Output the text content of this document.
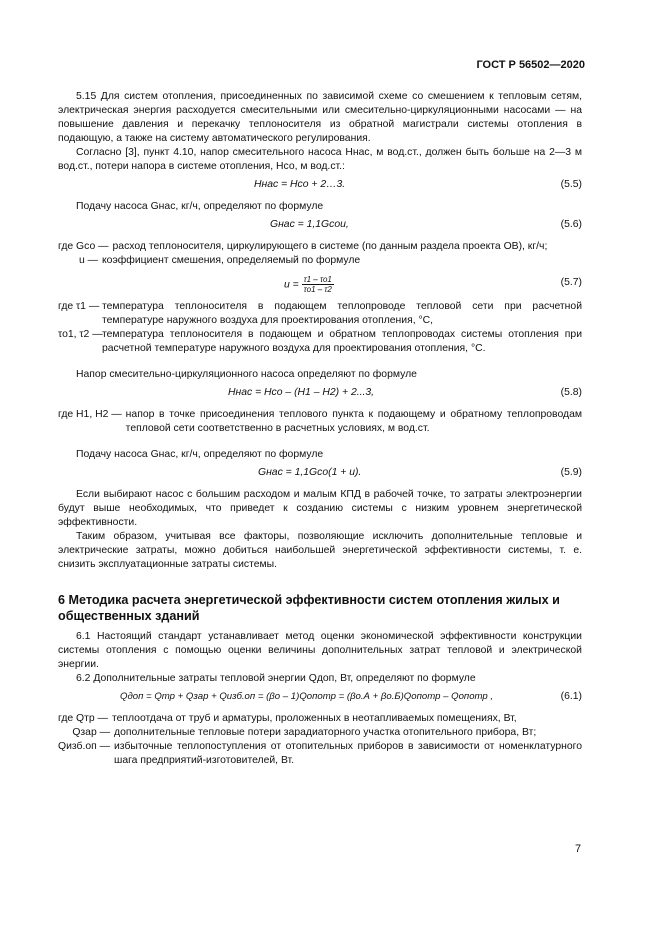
ГОСТ Р 56502—2020

5.15 Для систем отопления, присоединенных по зависимой схеме со смешением к тепловым сетям, электрическая энергия расходуется смесительными или смесительно-циркуляционными насосами — на повышение давления и перекачку теплоносителя из обратной магистрали системы отопления в подающую, а также на систему автоматического регулирования.

Согласно [3], пункт 4.10, напор смесительного насоса Hнас, м вод.ст., должен быть больше на 2—3 м вод.ст., потери напора в системе отопления, Hсо, м вод.ст.:

Hнас = Hсо + 2…3.	(5.5)

Подачу насоса Gнас, кг/ч, определяют по формуле

Gнас = 1,1Gсоu,	(5.6)
где Gсо — расход теплоносителя, циркулирующего в системе (по данным раздела проекта ОВ), кг/ч;
u — коэффициент смешения, определяемый по формуле
$u = \frac{\tau 1 - \tau о1}{\tau о1 - \tau 2}$	(5.7)
где τ1 — температура теплоносителя в подающем теплопроводе тепловой сети при расчетной температуре наружного воздуха для проектирования отопления, °С,
τо1, τ2 — температура теплоносителя в подающем и обратном теплопроводах системы отопления при расчетной температуре наружного воздуха для проектирования отопления, °С.

Напор смесительно-циркуляционного насоса определяют по формуле

Hнас = Hсо – (H1 – H2) + 2...3,	(5.8)
где H1, H2 — напор в точке присоединения теплового пункта к подающему и обратному теплопроводам тепловой сети соответственно в расчетных условиях, м вод.ст.

Подачу насоса Gнас, кг/ч, определяют по формуле

Gнас = 1,1Gсо(1 + u).	(5.9)

Если выбирают насос с большим расходом и малым КПД в рабочей точке, то затраты электроэнергии будут выше необходимых, что приведет к созданию системы с низким уровнем энергетической эффективности.

Таким образом, учитывая все факторы, позволяющие исключить дополнительные тепловые и электрические затраты, можно добиться наибольшей энергетической эффективности системы, т. е. снизить эксплуатационные затраты системы.

6 Методика расчета энергетической эффективности систем отопления жилых и общественных зданий

6.1 Настоящий стандарт устанавливает метод оценки экономической эффективности конструкции системы отопления с помощью оценки величины дополнительных затрат тепловой и электрической энергии.

6.2 Дополнительные затраты тепловой энергии Qдоп, Вт, определяют по формуле

Qдоп = Qтр + Qзар + Qизб.оп = (βо – 1)Qопотр = (βо.А + βо.Б)Qопотр – Qопотр ,	(6.1)
где Qтр — теплоотдача от труб и арматуры, проложенных в неотапливаемых помещениях, Вт,
Qзар — дополнительные тепловые потери зарадиаторного участка отопительного прибора, Вт;
Qизб.оп — избыточные теплопоступления от отопительных приборов в зависимости от номенклатурного шага предприятий-изготовителей, Вт.
7
